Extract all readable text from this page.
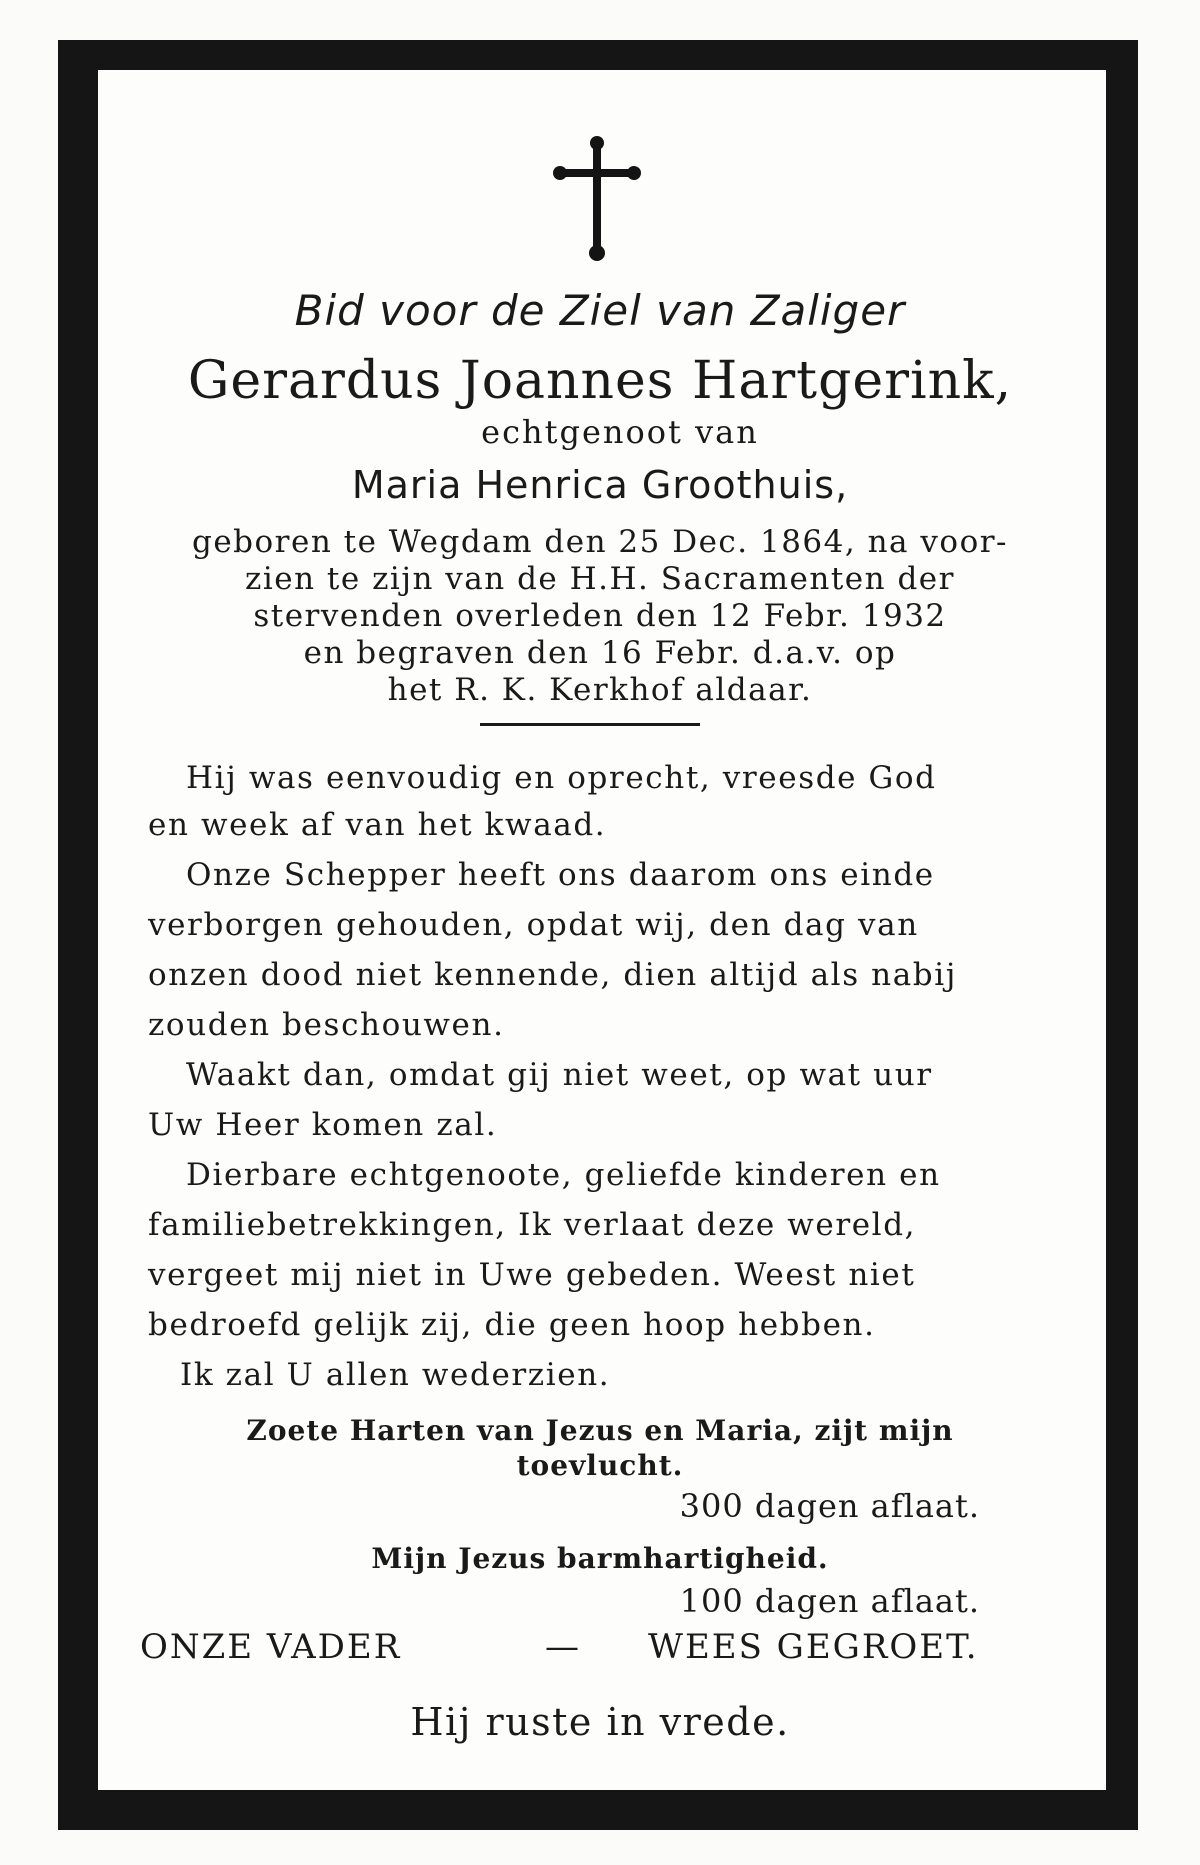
Bid voor de Ziel van Zaliger
Gerardus Joannes Hartgerink,
echtgenoot van
Maria Henrica Groothuis,
geboren te Wegdam den 25 Dec. 1864, na voor-
zien te zijn van de H.H. Sacramenten der
stervenden overleden den 12 Febr. 1932
en begraven den 16 Febr. d.a.v. op
het R. K. Kerkhof aldaar.
Hij was eenvoudig en oprecht, vreesde God
en week af van het kwaad.
Onze Schepper heeft ons daarom ons einde
verborgen gehouden, opdat wij, den dag van
onzen dood niet kennende, dien altijd als nabij
zouden beschouwen.
Waakt dan, omdat gij niet weet, op wat uur
Uw Heer komen zal.
Dierbare echtgenoote, geliefde kinderen en
familiebetrekkingen, Ik verlaat deze wereld,
vergeet mij niet in Uwe gebeden. Weest niet
bedroefd gelijk zij, die geen hoop hebben.
Ik zal U allen wederzien.
Zoete Harten van Jezus en Maria, zijt mijn
toevlucht.
300 dagen aflaat.
Mijn Jezus barmhartigheid.
100 dagen aflaat.
ONZE VADER	— WEES GEGROET.
Hij ruste in vrede.
